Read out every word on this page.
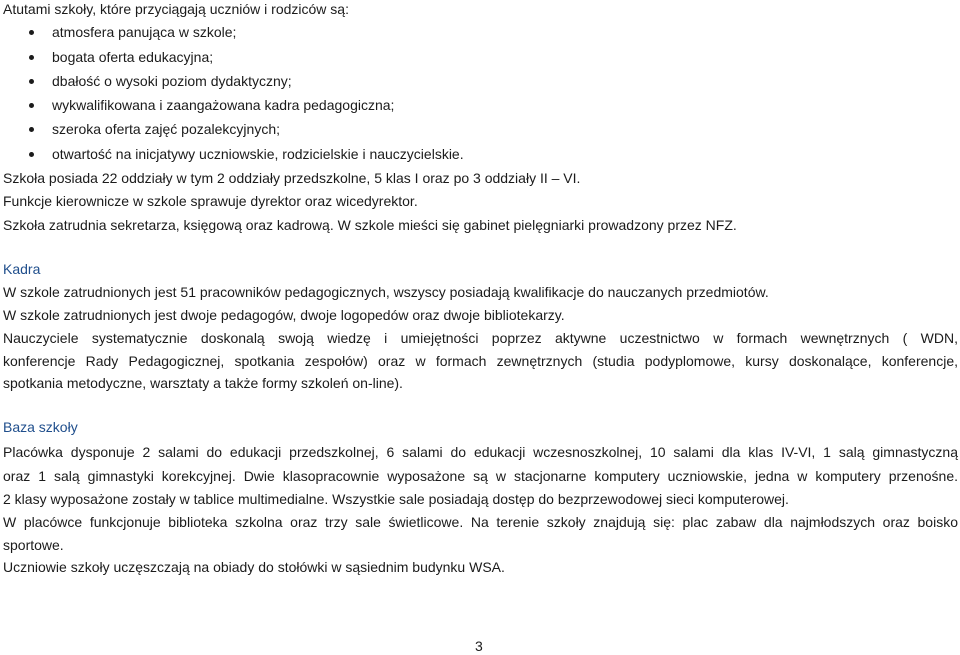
Atutami szkoły, które przyciągają uczniów i rodziców są:
atmosfera panująca w szkole;
bogata oferta edukacyjna;
dbałość o wysoki poziom dydaktyczny;
wykwalifikowana i zaangażowana kadra pedagogiczna;
szeroka oferta zajęć pozalekcyjnych;
otwartość na inicjatywy uczniowskie, rodzicielskie i nauczycielskie.
Szkoła posiada 22 oddziały w tym 2 oddziały przedszkolne, 5 klas I oraz po 3 oddziały II – VI.
Funkcje kierownicze w szkole sprawuje dyrektor oraz wicedyrektor.
Szkoła zatrudnia sekretarza, księgową oraz kadrową. W szkole mieści się gabinet pielęgniarki prowadzony przez NFZ.
Kadra
W szkole zatrudnionych jest 51 pracowników pedagogicznych, wszyscy posiadają kwalifikacje do nauczanych przedmiotów.
W szkole zatrudnionych jest dwoje pedagogów, dwoje logopedów oraz dwoje bibliotekarzy.
Nauczyciele systematycznie doskonalą swoją wiedzę i umiejętności poprzez aktywne uczestnictwo w formach wewnętrznych ( WDN,
konferencje Rady Pedagogicznej, spotkania zespołów) oraz w formach zewnętrznych (studia podyplomowe, kursy doskonalące, konferencje,
spotkania metodyczne, warsztaty a także formy szkoleń on-line).
Baza szkoły
Placówka dysponuje 2 salami do edukacji przedszkolnej, 6 salami do edukacji wczesnoszkolnej, 10 salami dla klas IV-VI, 1 salą gimnastyczną
oraz 1 salą gimnastyki korekcyjnej. Dwie klasopracownie wyposażone są w stacjonarne komputery uczniowskie, jedna w komputery przenośne.
2 klasy wyposażone zostały w tablice multimedialne. Wszystkie sale posiadają dostęp do bezprzewodowej sieci komputerowej.
W placówce funkcjonuje biblioteka szkolna oraz trzy sale świetlicowe. Na terenie szkoły znajdują się: plac zabaw dla najmłodszych oraz boisko
sportowe.
Uczniowie szkoły uczęszczają na obiady do stołówki w sąsiednim budynku WSA.
3
